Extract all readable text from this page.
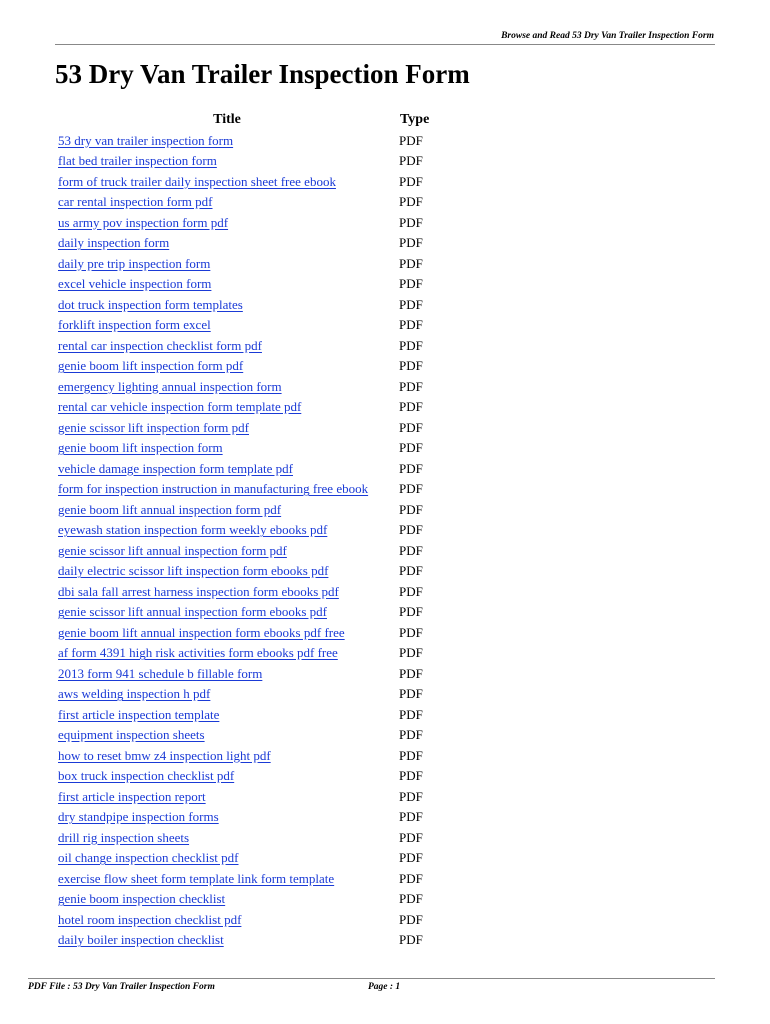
Browse and Read 53 Dry Van Trailer Inspection Form
53 Dry Van Trailer Inspection Form
Title	Type
53 dry van trailer inspection form	PDF
flat bed trailer inspection form	PDF
form of truck trailer daily inspection sheet free ebook	PDF
car rental inspection form pdf	PDF
us army pov inspection form pdf	PDF
daily inspection form	PDF
daily pre trip inspection form	PDF
excel vehicle inspection form	PDF
dot truck inspection form templates	PDF
forklift inspection form excel	PDF
rental car inspection checklist form pdf	PDF
genie boom lift inspection form pdf	PDF
emergency lighting annual inspection form	PDF
rental car vehicle inspection form template pdf	PDF
genie scissor lift inspection form pdf	PDF
genie boom lift inspection form	PDF
vehicle damage inspection form template pdf	PDF
form for inspection instruction in manufacturing free ebook	PDF
genie boom lift annual inspection form pdf	PDF
eyewash station inspection form weekly ebooks pdf	PDF
genie scissor lift annual inspection form pdf	PDF
daily electric scissor lift inspection form ebooks pdf	PDF
dbi sala fall arrest harness inspection form ebooks pdf	PDF
genie scissor lift annual inspection form ebooks pdf	PDF
genie boom lift annual inspection form ebooks pdf free	PDF
af form 4391 high risk activities form ebooks pdf free	PDF
2013 form 941 schedule b fillable form	PDF
aws welding inspection h pdf	PDF
first article inspection template	PDF
equipment inspection sheets	PDF
how to reset bmw z4 inspection light pdf	PDF
box truck inspection checklist pdf	PDF
first article inspection report	PDF
dry standpipe inspection forms	PDF
drill rig inspection sheets	PDF
oil change inspection checklist pdf	PDF
exercise flow sheet form template link form template	PDF
genie boom inspection checklist	PDF
hotel room inspection checklist pdf	PDF
daily boiler inspection checklist	PDF
PDF File : 53 Dry Van Trailer Inspection Form	Page : 1
